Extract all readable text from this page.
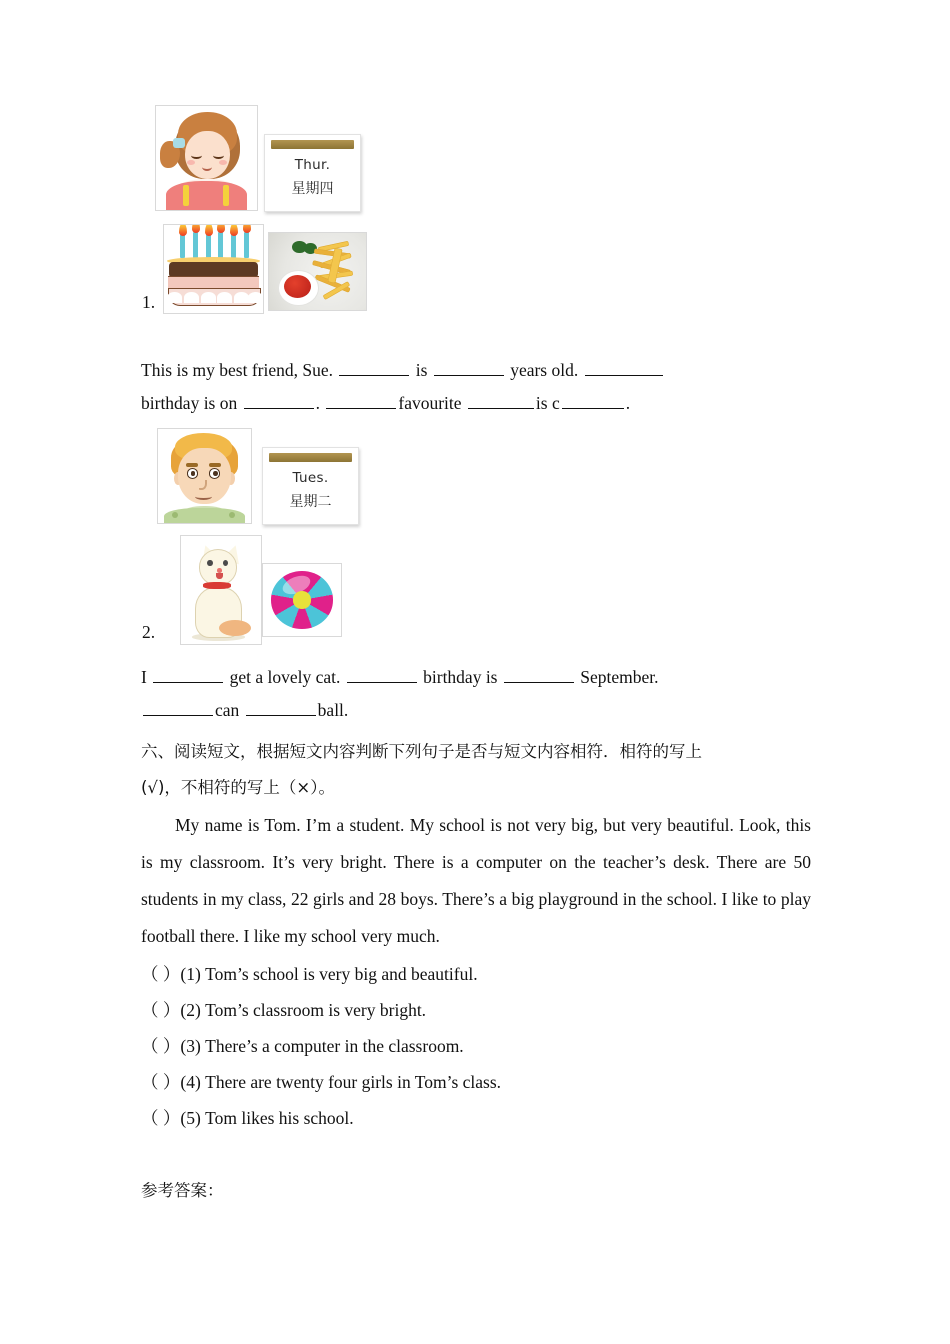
Thur.
星期四
1.
This is my best friend, Sue.	is	years old.
birthday is on	.	favourite	is c	.
Tues.
星期二
2.
I	get a lovely cat.	birthday is	September.
can	ball.
六、阅读短文，根据短文内容判断下列句子是否与短文内容相符．相符的写上
(√)，不相符的写上（×）。
My name is Tom. I’m a student. My school is not very big, but very beautiful. Look, this is my classroom. It’s very bright. There is a computer on the teacher’s desk. There are 50 students in my class, 22 girls and 28 boys. There’s a big playground in the school. I like to play football there. I like my school very much.
（ ）(1) Tom’s school is very big and beautiful.
（ ）(2) Tom’s classroom is very bright.
（ ）(3) There’s a computer in the classroom.
（ ）(4) There are twenty four girls in Tom’s class.
（ ）(5) Tom likes his school.
参考答案：
